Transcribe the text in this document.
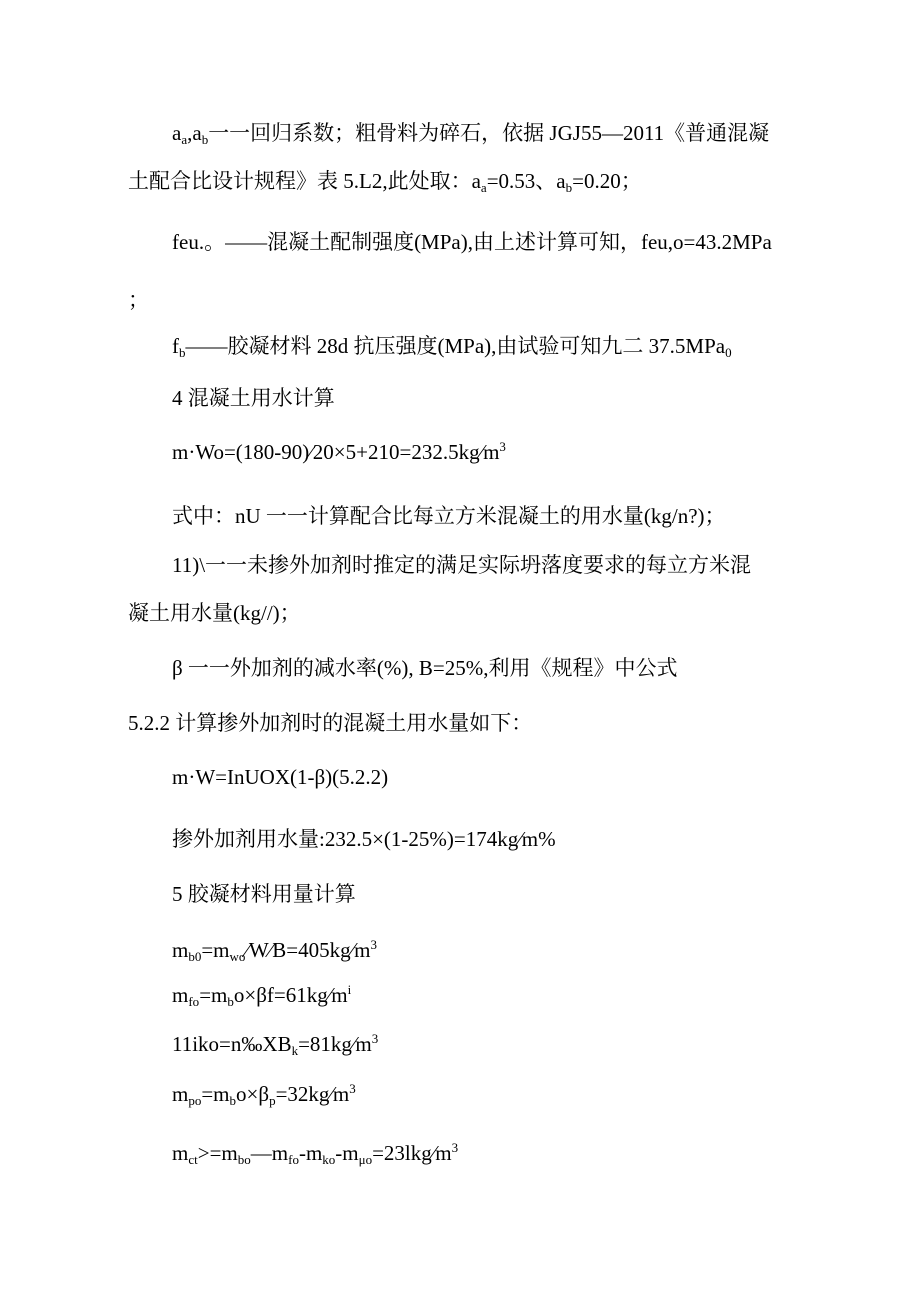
$a_a,a_b$一一回归系数；粗骨料为碎石，依据 JGJ55—2011《普通混凝
土配合比设计规程》表 5.L2,此处取：$a_a=0.53$、$a_b=0.20$；
feu.。——混凝土配制强度(MPa),由上述计算可知，feu,o=43.2MPa
；
$f_b——$胶凝材料 28d 抗压强度(MPa),由试验可知九二 37.5MPa$_0$
4 混凝土用水计算
$m\cdot Wo=(180-90)⁄20\times 5+210=232.5kg⁄m^3$
式中：nU 一一计算配合比每立方米混凝土的用水量(kg/n?)；
11)\一一未掺外加剂时推定的满足实际坍落度要求的每立方米混
凝土用水量(kg//)；
β 一一外加剂的减水率(%), B=25%,利用《规程》中公式
5.2.2 计算掺外加剂时的混凝土用水量如下：
m·W=InUOX(1-β)(5.2.2)
掺外加剂用水量:232.5×(1-25%)=174kg⁄m%
5 胶凝材料用量计算
$m_{b0}=m_{wo}⁄W⁄B=405kg⁄m^3$
$m_{fo}=m_bo\times\beta f=61kg⁄m^i$
$11iko=n‰XB_k=81kg⁄m^3$
$m_{po}=m_bo\times\beta_p=32kg⁄m^3$
$m_{ct}>=m_{bo}—m_{fo}-m_{ko}-m_{\mu o}=23lkg⁄m^3$
